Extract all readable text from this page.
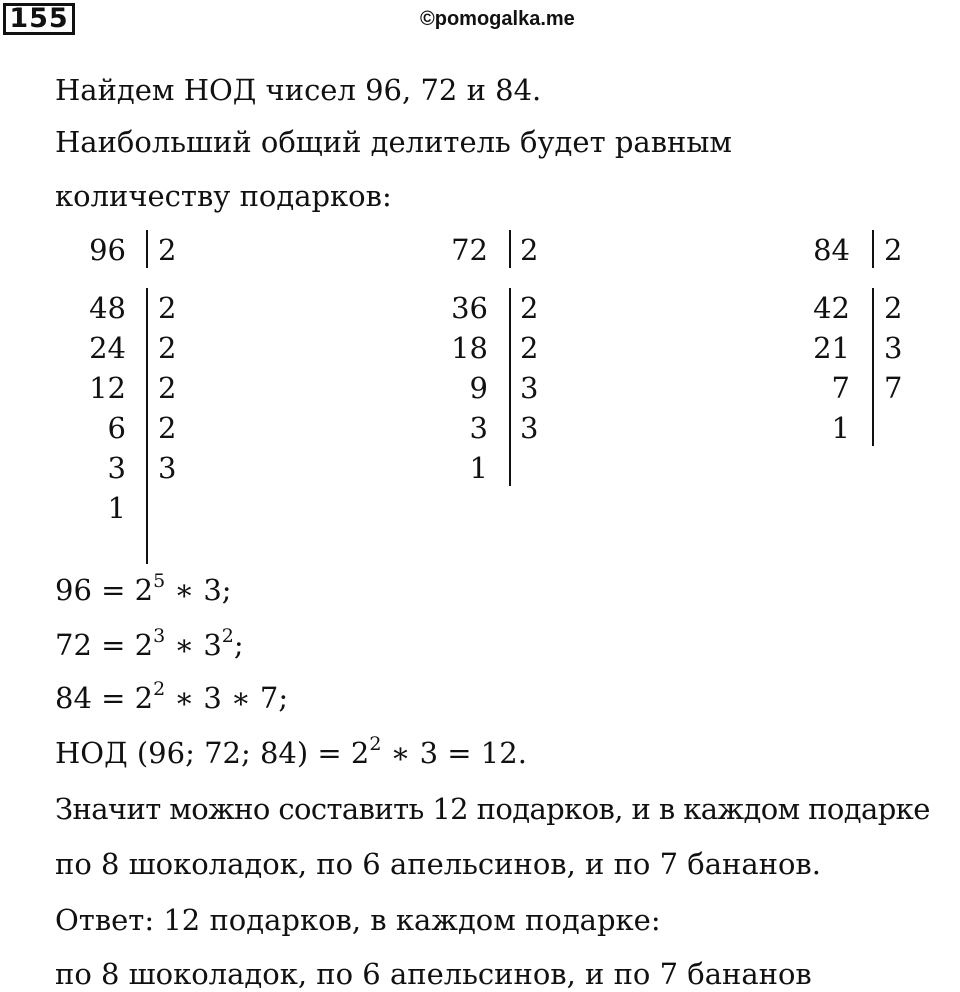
155	©pomogalka.me
Найдем НОД чисел 96, 72 и 84.
Наибольший общий делитель будет равным
количеству подарков:
96 2
48 2
24 2
12 2
6 2
3 3
1
72 2
36 2
18 2
9 3
3 3
1
84 2
42 2
21 3
7 7
1
$96 = 2^5$ ∗ 3;
$72 = 2^3$ ∗ $3^2$;
$84 = 2^2$ ∗ 3 ∗ 7;
НОД (96; 72; $84) = 2^2$ ∗ 3 = 12.
Значит можно составить 12 подарков, и в каждом подарке
по 8 шоколадок, по 6 апельсинов, и по 7 бананов.
Ответ: 12 подарков, в каждом подарке:
по 8 шоколадок, по 6 апельсинов, и по 7 бананов
